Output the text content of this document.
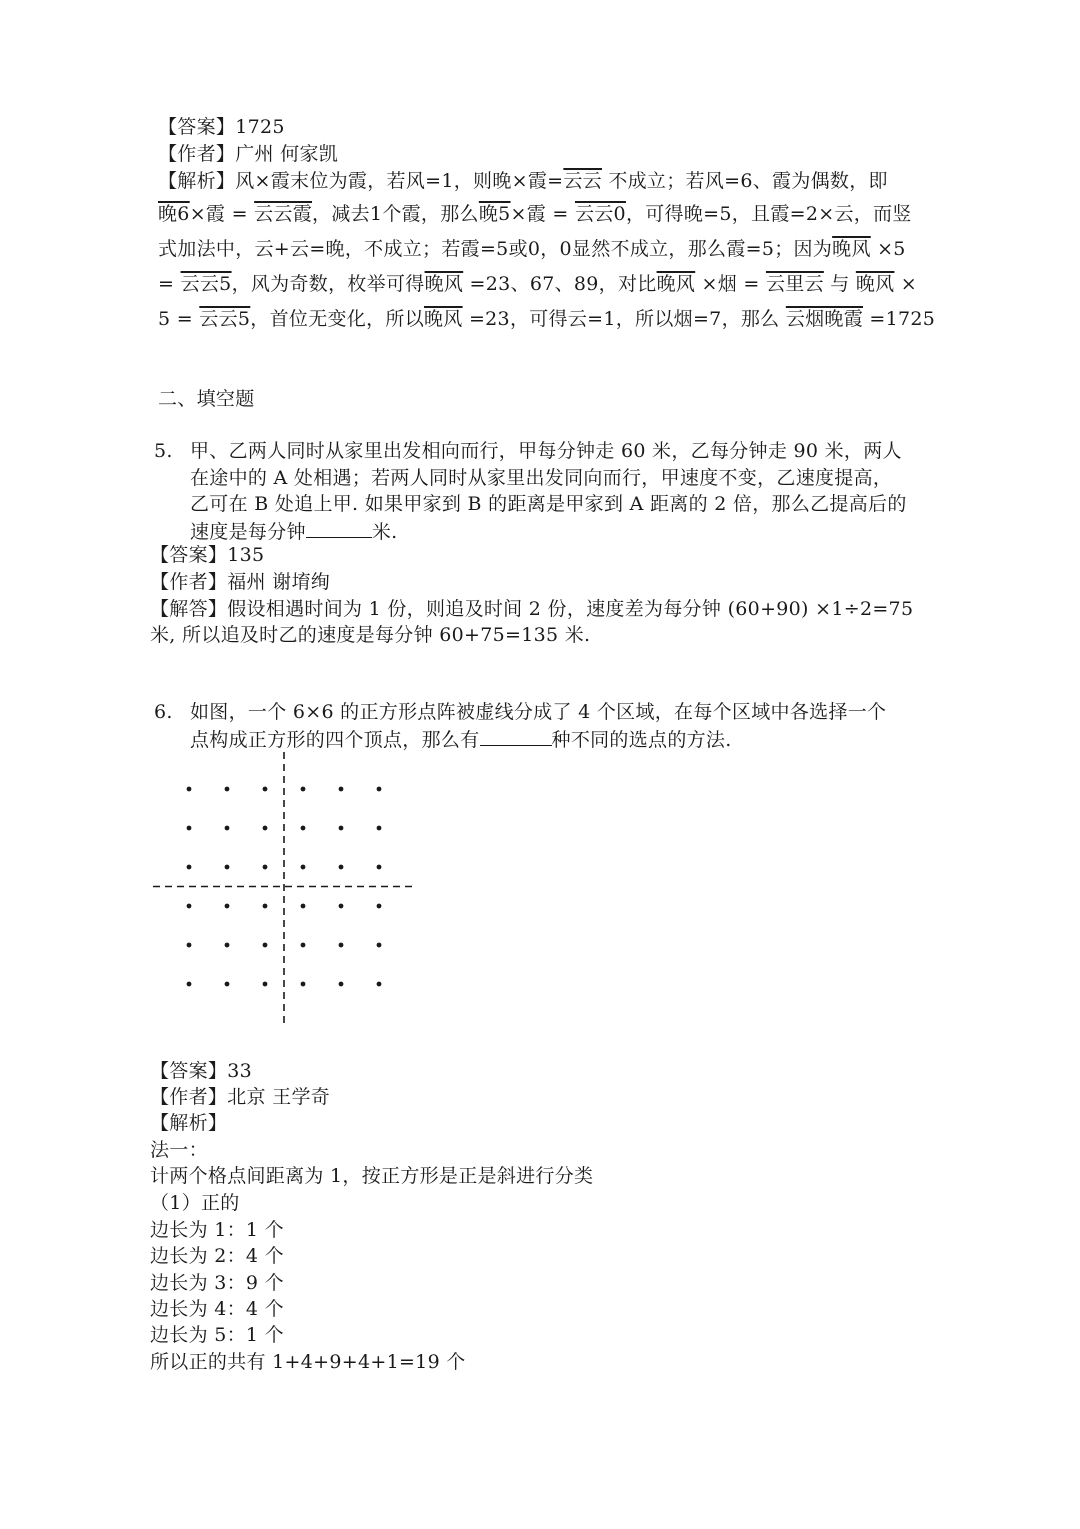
【答案】1725
【作者】广州 何家凯
【解析】风×霞末位为霞，若风=1，则晚×霞=云云 不成立；若风=6、霞为偶数，即
晚6×霞 = 云云霞，减去1个霞，那么晚5×霞 = 云云0，可得晚=5，且霞=2×云，而竖
式加法中，云+云=晚，不成立；若霞=5或0，0显然不成立，那么霞=5；因为晚风 ×5
= 云云5，风为奇数，枚举可得晚风 =23、67、89，对比晚风 ×烟 = 云里云 与 晚风 ×
5 = 云云5，首位无变化，所以晚风 =23，可得云=1，所以烟=7，那么 云烟晚霞 =1725
二、填空题
5. 甲、乙两人同时从家里出发相向而行，甲每分钟走 60 米，乙每分钟走 90 米，两人
在途中的 A 处相遇；若两人同时从家里出发同向而行，甲速度不变，乙速度提高，
乙可在 B 处追上甲. 如果甲家到 B 的距离是甲家到 A 距离的 2 倍，那么乙提高后的
速度是每分钟	米.
【答案】135
【作者】福州 谢堉绚
【解答】假设相遇时间为 1 份，则追及时间 2 份，速度差为每分钟 (60+90) ×1÷2=75
米, 所以追及时乙的速度是每分钟 60+75=135 米.
6. 如图，一个 6×6 的正方形点阵被虚线分成了 4 个区域，在每个区域中各选择一个
点构成正方形的四个顶点，那么有	种不同的选点的方法.
【答案】33
【作者】北京 王学奇
【解析】
法一：
计两个格点间距离为 1，按正方形是正是斜进行分类
（1）正的
边长为 1：1 个
边长为 2：4 个
边长为 3：9 个
边长为 4：4 个
边长为 5：1 个
所以正的共有 1+4+9+4+1=19 个
